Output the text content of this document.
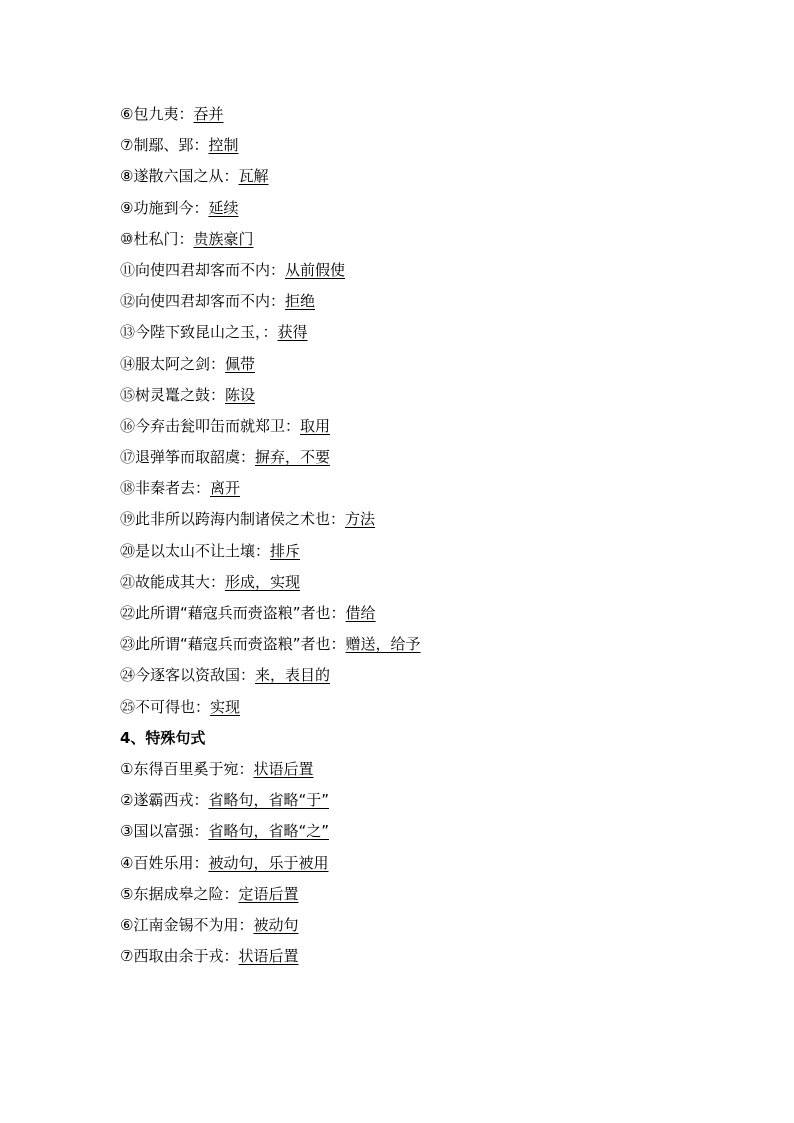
⑥包九夷：吞并
⑦制鄢、郢：控制
⑧遂散六国之从：瓦解
⑨功施到今：延续
⑩杜私门：贵族豪门
⑪向使四君却客而不内：从前假使
⑫向使四君却客而不内：拒绝
⑬今陛下致昆山之玉，：获得
⑭服太阿之剑：佩带
⑮树灵鼍之鼓：陈设
⑯今弃击瓮叩缶而就郑卫：取用
⑰退弹筝而取韶虞：摒弃，不要
⑱非秦者去：离开
⑲此非所以跨海内制诸侯之术也：方法
⑳是以太山不让土壤：排斥
㉑故能成其大：形成，实现
㉒此所谓“藉寇兵而赍盗粮”者也：借给
㉓此所谓“藉寇兵而赍盗粮”者也：赠送，给予
㉔今逐客以资敌国：来，表目的
㉕不可得也：实现
4、特殊句式
①东得百里奚于宛：状语后置
②遂霸西戎：省略句，省略“于”
③国以富强：省略句，省略“之”
④百姓乐用：被动句，乐于被用
⑤东据成皋之险：定语后置
⑥江南金锡不为用：被动句
⑦西取由余于戎：状语后置
